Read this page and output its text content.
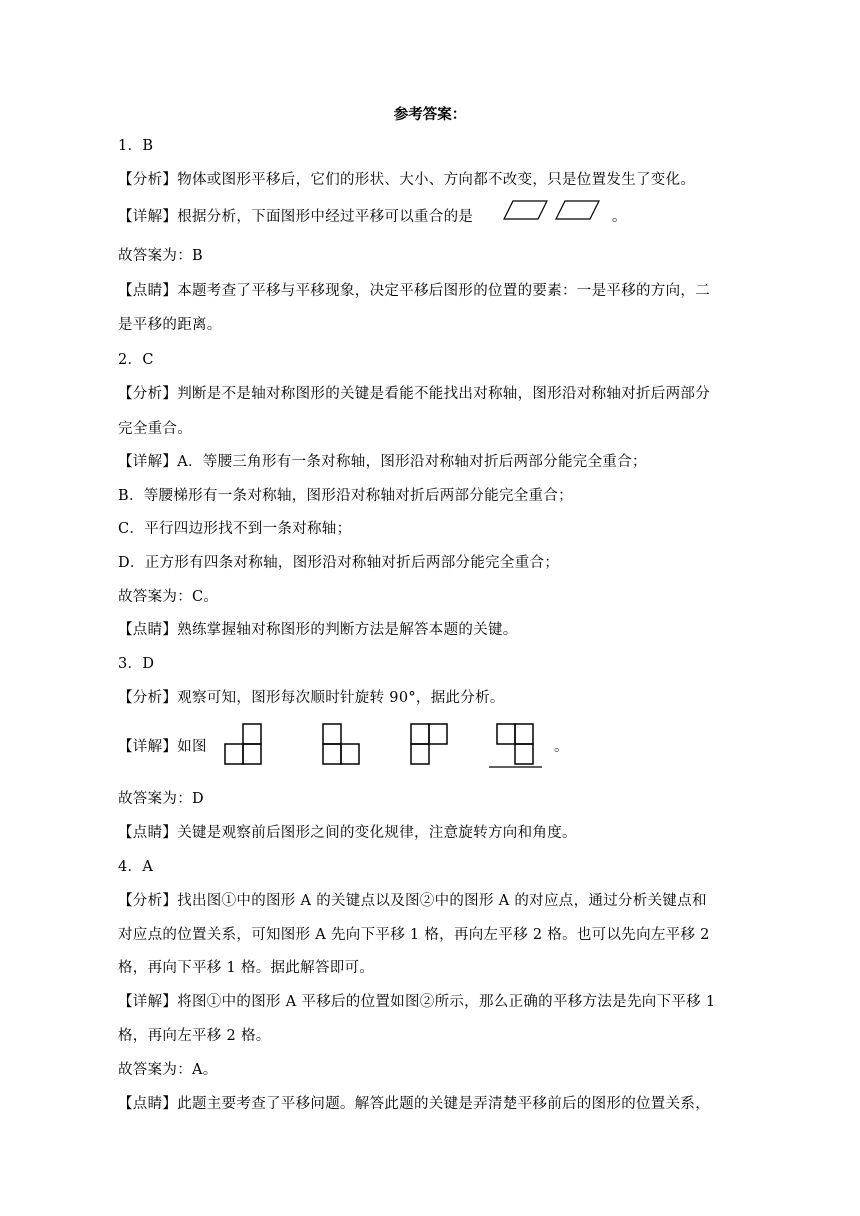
参考答案：
1．B
【分析】物体或图形平移后，它们的形状、大小、方向都不改变，只是位置发生了变化。
【详解】根据分析，下面图形中经过平移可以重合的是	。
故答案为：B
【点睛】本题考查了平移与平移现象，决定平移后图形的位置的要素：一是平移的方向，二
是平移的距离。
2．C
【分析】判断是不是轴对称图形的关键是看能不能找出对称轴，图形沿对称轴对折后两部分
完全重合。
【详解】A．等腰三角形有一条对称轴，图形沿对称轴对折后两部分能完全重合；
B．等腰梯形有一条对称轴，图形沿对称轴对折后两部分能完全重合；
C．平行四边形找不到一条对称轴；
D．正方形有四条对称轴，图形沿对称轴对折后两部分能完全重合；
故答案为：C。
【点睛】熟练掌握轴对称图形的判断方法是解答本题的关键。
3．D
【分析】观察可知，图形每次顺时针旋转 90°，据此分析。
【详解】如图	。
故答案为：D
【点睛】关键是观察前后图形之间的变化规律，注意旋转方向和角度。
4．A
【分析】找出图①中的图形 A 的关键点以及图②中的图形 A 的对应点，通过分析关键点和
对应点的位置关系，可知图形 A 先向下平移 1 格，再向左平移 2 格。也可以先向左平移 2
格，再向下平移 1 格。据此解答即可。
【详解】将图①中的图形 A 平移后的位置如图②所示，那么正确的平移方法是先向下平移 1
格，再向左平移 2 格。
故答案为：A。
【点睛】此题主要考查了平移问题。解答此题的关键是弄清楚平移前后的图形的位置关系，
